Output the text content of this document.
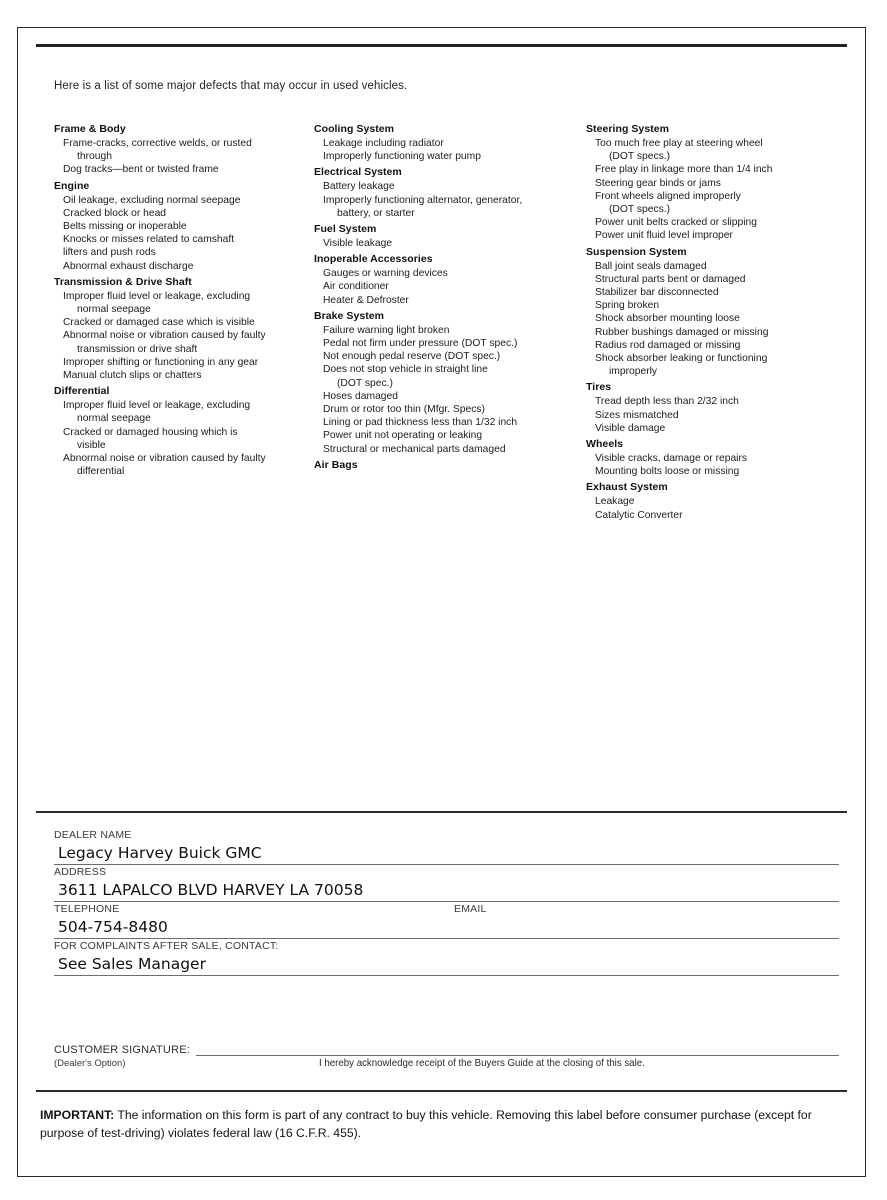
Here is a list of some major defects that may occur in used vehicles.
Frame & Body
Frame-cracks, corrective welds, or rusted
through
Dog tracks—bent or twisted frame
Engine
Oil leakage, excluding normal seepage
Cracked block or head
Belts missing or inoperable
Knocks or misses related to camshaft
lifters and push rods
Abnormal exhaust discharge
Transmission & Drive Shaft
Improper fluid level or leakage, excluding
normal seepage
Cracked or damaged case which is visible
Abnormal noise or vibration caused by faulty
transmission or drive shaft
Improper shifting or functioning in any gear
Manual clutch slips or chatters
Differential
Improper fluid level or leakage, excluding
normal seepage
Cracked or damaged housing which is
visible
Abnormal noise or vibration caused by faulty
differential
Cooling System
Leakage including radiator
Improperly functioning water pump
Electrical System
Battery leakage
Improperly functioning alternator, generator,
battery, or starter
Fuel System
Visible leakage
Inoperable Accessories
Gauges or warning devices
Air conditioner
Heater & Defroster
Brake System
Failure warning light broken
Pedal not firm under pressure (DOT spec.)
Not enough pedal reserve (DOT spec.)
Does not stop vehicle in straight line
(DOT spec.)
Hoses damaged
Drum or rotor too thin (Mfgr. Specs)
Lining or pad thickness less than 1/32 inch
Power unit not operating or leaking
Structural or mechanical parts damaged
Air Bags
Steering System
Too much free play at steering wheel
(DOT specs.)
Free play in linkage more than 1/4 inch
Steering gear binds or jams
Front wheels aligned improperly
(DOT specs.)
Power unit belts cracked or slipping
Power unit fluid level improper
Suspension System
Ball joint seals damaged
Structural parts bent or damaged
Stabilizer bar disconnected
Spring broken
Shock absorber mounting loose
Rubber bushings damaged or missing
Radius rod damaged or missing
Shock absorber leaking or functioning
improperly
Tires
Tread depth less than 2/32 inch
Sizes mismatched
Visible damage
Wheels
Visible cracks, damage or repairs
Mounting bolts loose or missing
Exhaust System
Leakage
Catalytic Converter
DEALER NAME
Legacy Harvey Buick GMC
ADDRESS
3611 LAPALCO BLVD HARVEY LA 70058
TELEPHONE
504-754-8480
EMAIL
FOR COMPLAINTS AFTER SALE, CONTACT:
See Sales Manager
CUSTOMER SIGNATURE:
(Dealer's Option)	I hereby acknowledge receipt of the Buyers Guide at the closing of this sale.
IMPORTANT: The information on this form is part of any contract to buy this vehicle. Removing this label before consumer purchase (except for purpose of test-driving) violates federal law (16 C.F.R. 455).
